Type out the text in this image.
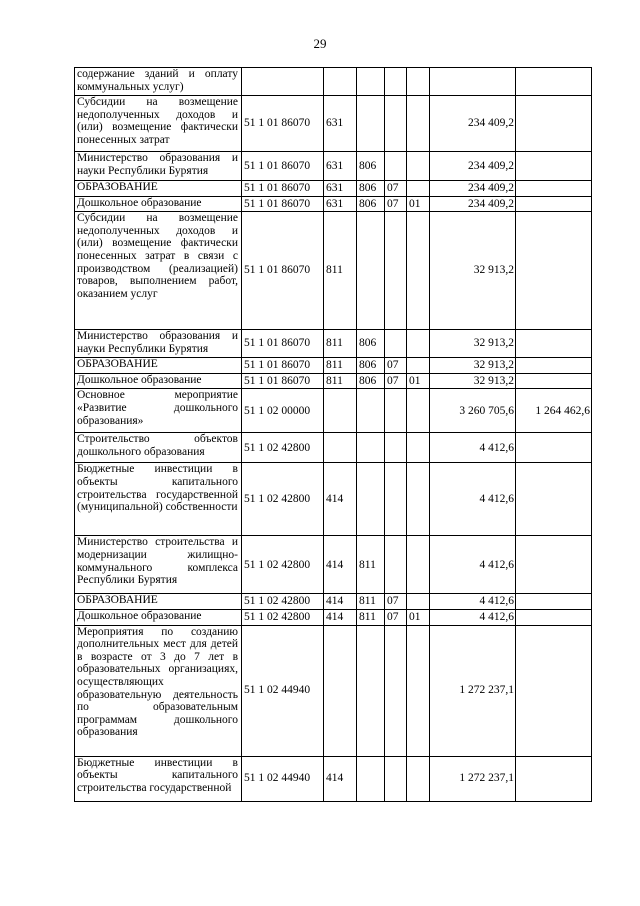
29
содержание зданий и оплату коммунальных услуг)							
Субсидии на возмещение недополученных доходов и (или) возмещение фактически понесенных затрат	51 1 01 86070	631				234 409,2	
Министерство образования и науки Республики Бурятия	51 1 01 86070	631	806			234 409,2	
ОБРАЗОВАНИЕ	51 1 01 86070	631	806	07		234 409,2	
Дошкольное образование	51 1 01 86070	631	806	07	01	234 409,2	
Субсидии на возмещение недополученных доходов и (или) возмещение фактически понесенных затрат в связи с производством (реализацией) товаров, выполнением работ, оказанием услуг	51 1 01 86070	811				32 913,2	
Министерство образования и науки Республики Бурятия	51 1 01 86070	811	806			32 913,2	
ОБРАЗОВАНИЕ	51 1 01 86070	811	806	07		32 913,2	
Дошкольное образование	51 1 01 86070	811	806	07	01	32 913,2	
Основное мероприятие «Развитие дошкольного образования»	51 1 02 00000					3 260 705,6	1 264 462,6
Строительство объектов дошкольного образования	51 1 02 42800					4 412,6	
Бюджетные инвестиции в объекты капитального строительства государственной (муниципальной) собственности	51 1 02 42800	414				4 412,6	
Министерство строительства и модернизации жилищно-коммунального комплекса Республики Бурятия	51 1 02 42800	414	811			4 412,6	
ОБРАЗОВАНИЕ	51 1 02 42800	414	811	07		4 412,6	
Дошкольное образование	51 1 02 42800	414	811	07	01	4 412,6	
Мероприятия по созданию дополнительных мест для детей в возрасте от 3 до 7 лет в образовательных организациях, осуществляющих образовательную деятельность по образовательным программам дошкольного образования	51 1 02 44940					1 272 237,1	
Бюджетные инвестиции в объекты капитального строительства государственной	51 1 02 44940	414				1 272 237,1	
